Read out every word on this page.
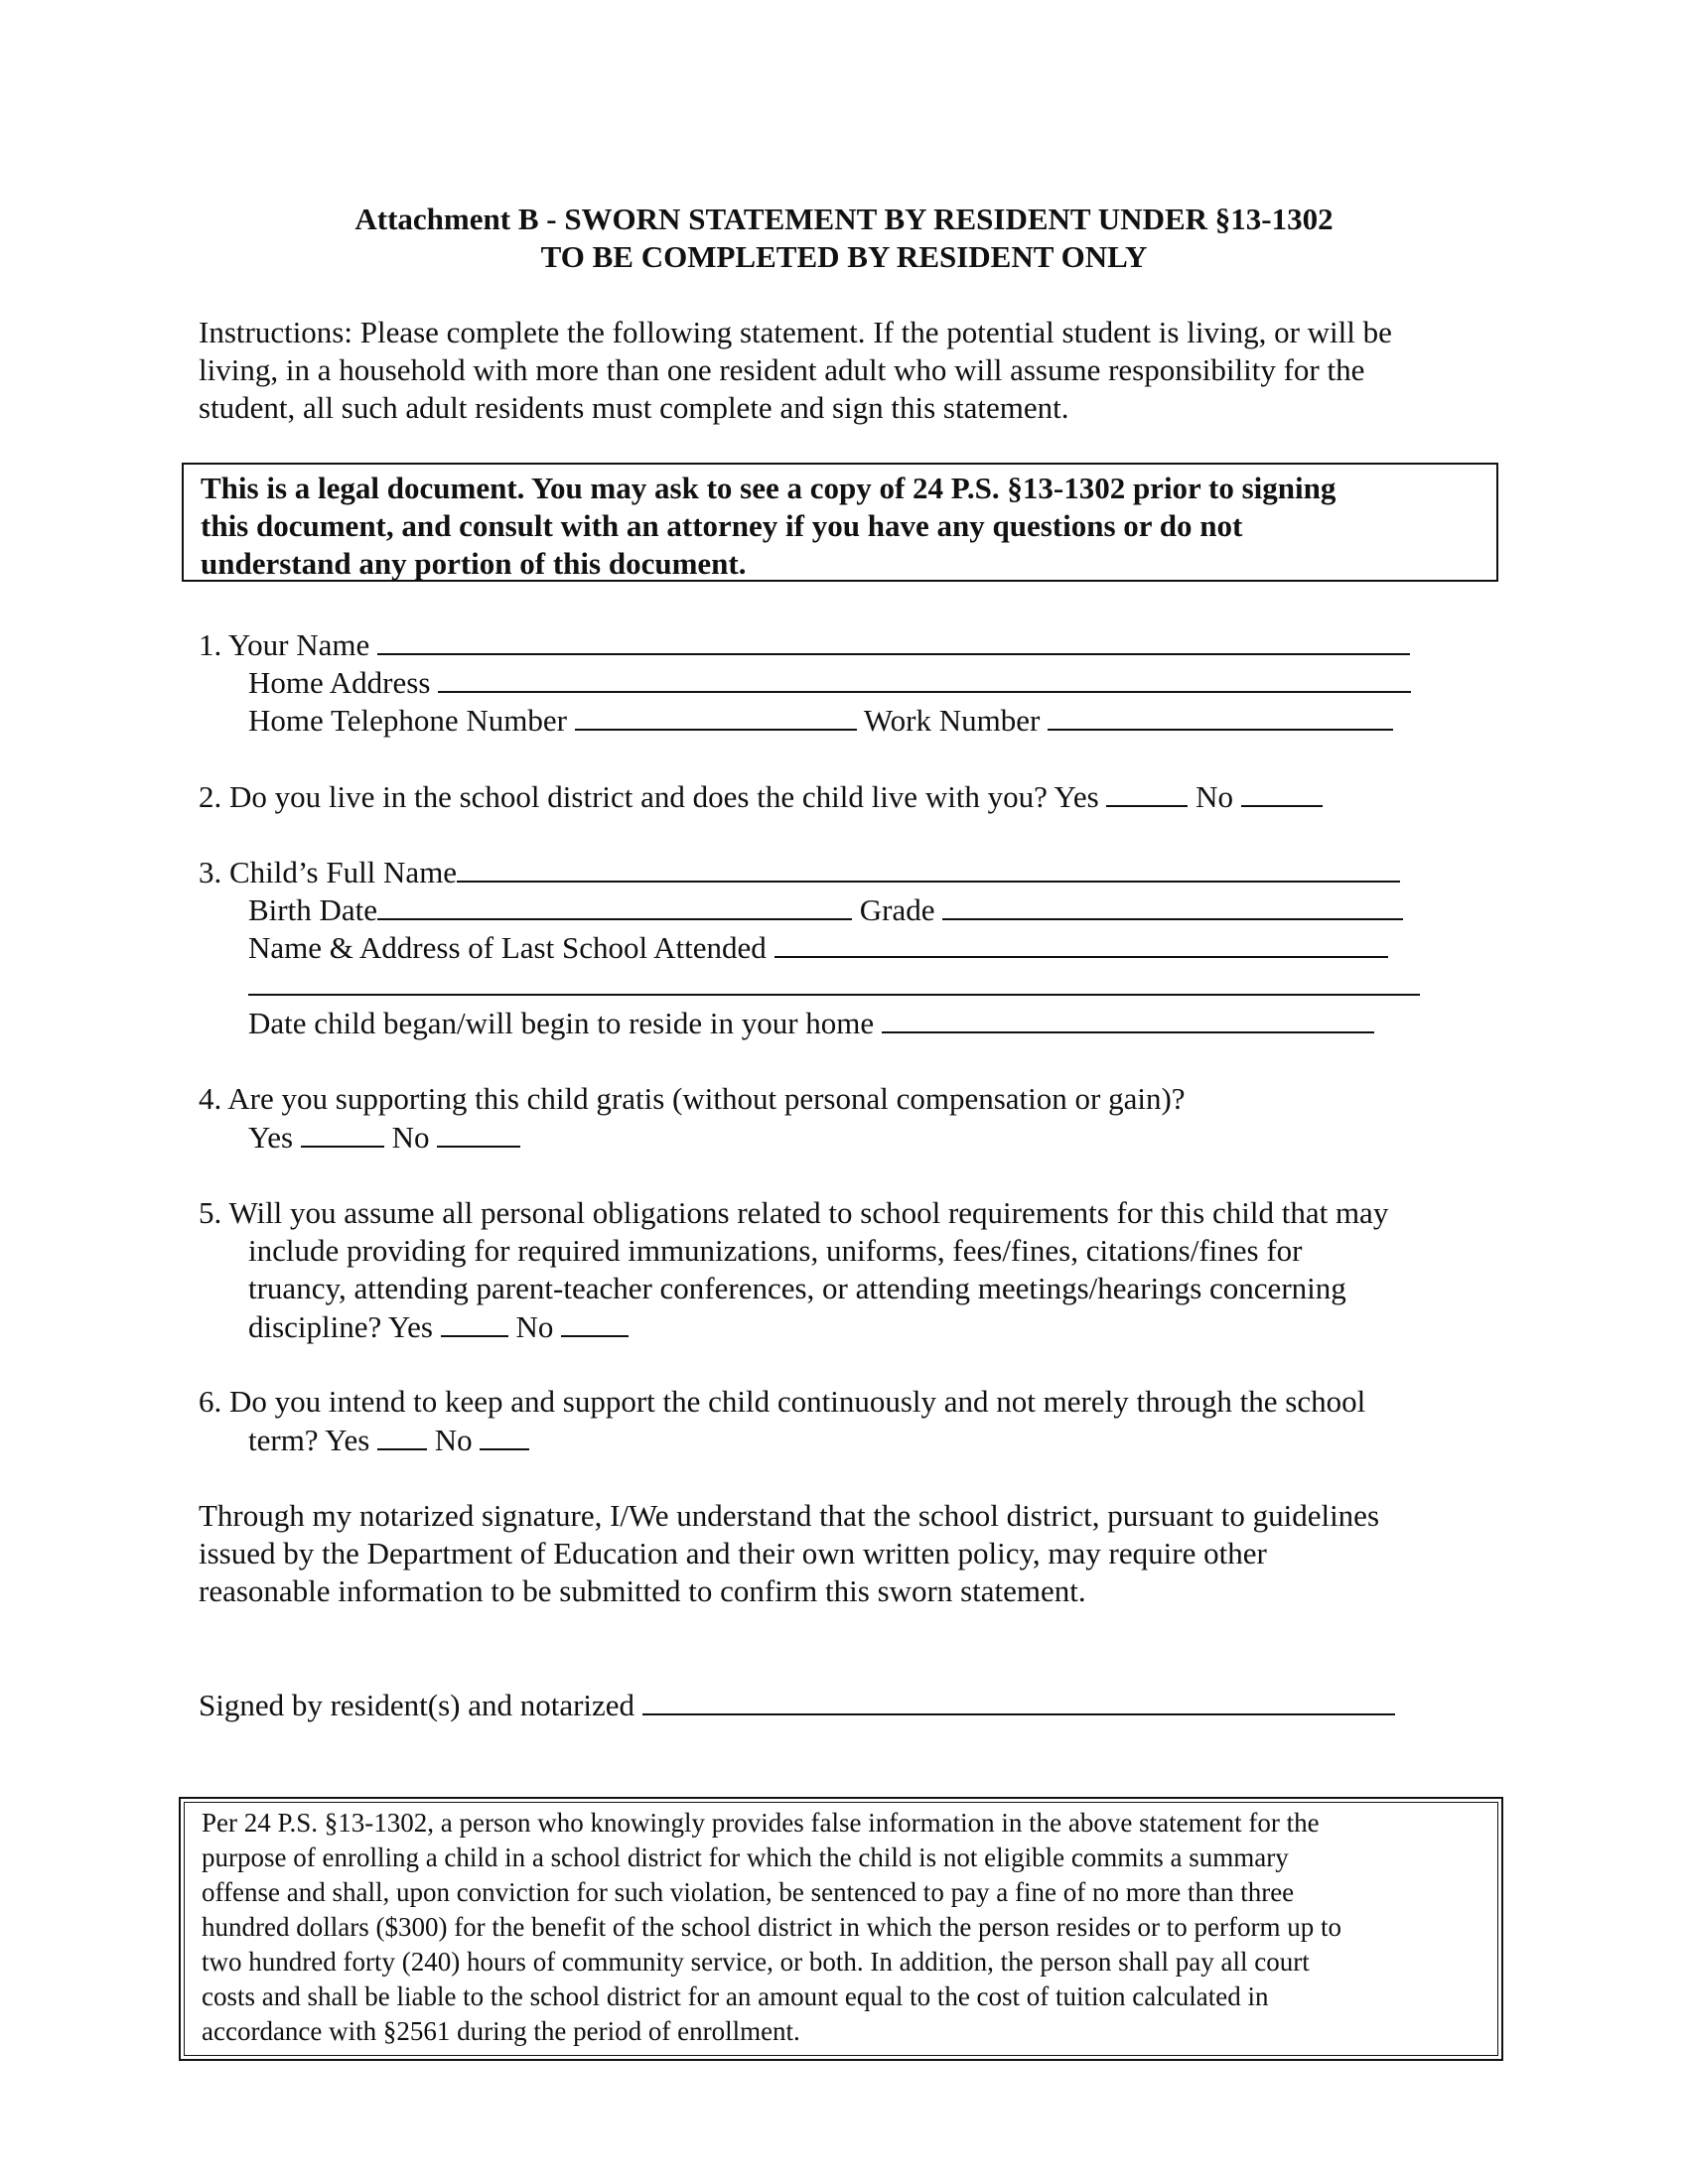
Attachment B - SWORN STATEMENT BY RESIDENT UNDER §13-1302
TO BE COMPLETED BY RESIDENT ONLY
Instructions: Please complete the following statement. If the potential student is living, or will be
living, in a household with more than one resident adult who will assume responsibility for the
student, all such adult residents must complete and sign this statement.
This is a legal document. You may ask to see a copy of 24 P.S. §13-1302 prior to signing
this document, and consult with an attorney if you have any questions or do not
understand any portion of this document.
1. Your Name
Home Address
Home Telephone Number	Work Number
2. Do you live in the school district and does the child live with you? Yes	No
3. Child’s Full Name
Birth Date	Grade
Name & Address of Last School Attended
Date child began/will begin to reside in your home
4. Are you supporting this child gratis (without personal compensation or gain)?
Yes	No
5. Will you assume all personal obligations related to school requirements for this child that may
include providing for required immunizations, uniforms, fees/fines, citations/fines for
truancy, attending parent-teacher conferences, or attending meetings/hearings concerning
discipline? Yes	No
6. Do you intend to keep and support the child continuously and not merely through the school
term? Yes No
Through my notarized signature, I/We understand that the school district, pursuant to guidelines
issued by the Department of Education and their own written policy, may require other
reasonable information to be submitted to confirm this sworn statement.
Signed by resident(s) and notarized
Per 24 P.S. §13-1302, a person who knowingly provides false information in the above statement for the
purpose of enrolling a child in a school district for which the child is not eligible commits a summary
offense and shall, upon conviction for such violation, be sentenced to pay a fine of no more than three
hundred dollars ($300) for the benefit of the school district in which the person resides or to perform up to
two hundred forty (240) hours of community service, or both. In addition, the person shall pay all court
costs and shall be liable to the school district for an amount equal to the cost of tuition calculated in
accordance with §2561 during the period of enrollment.
